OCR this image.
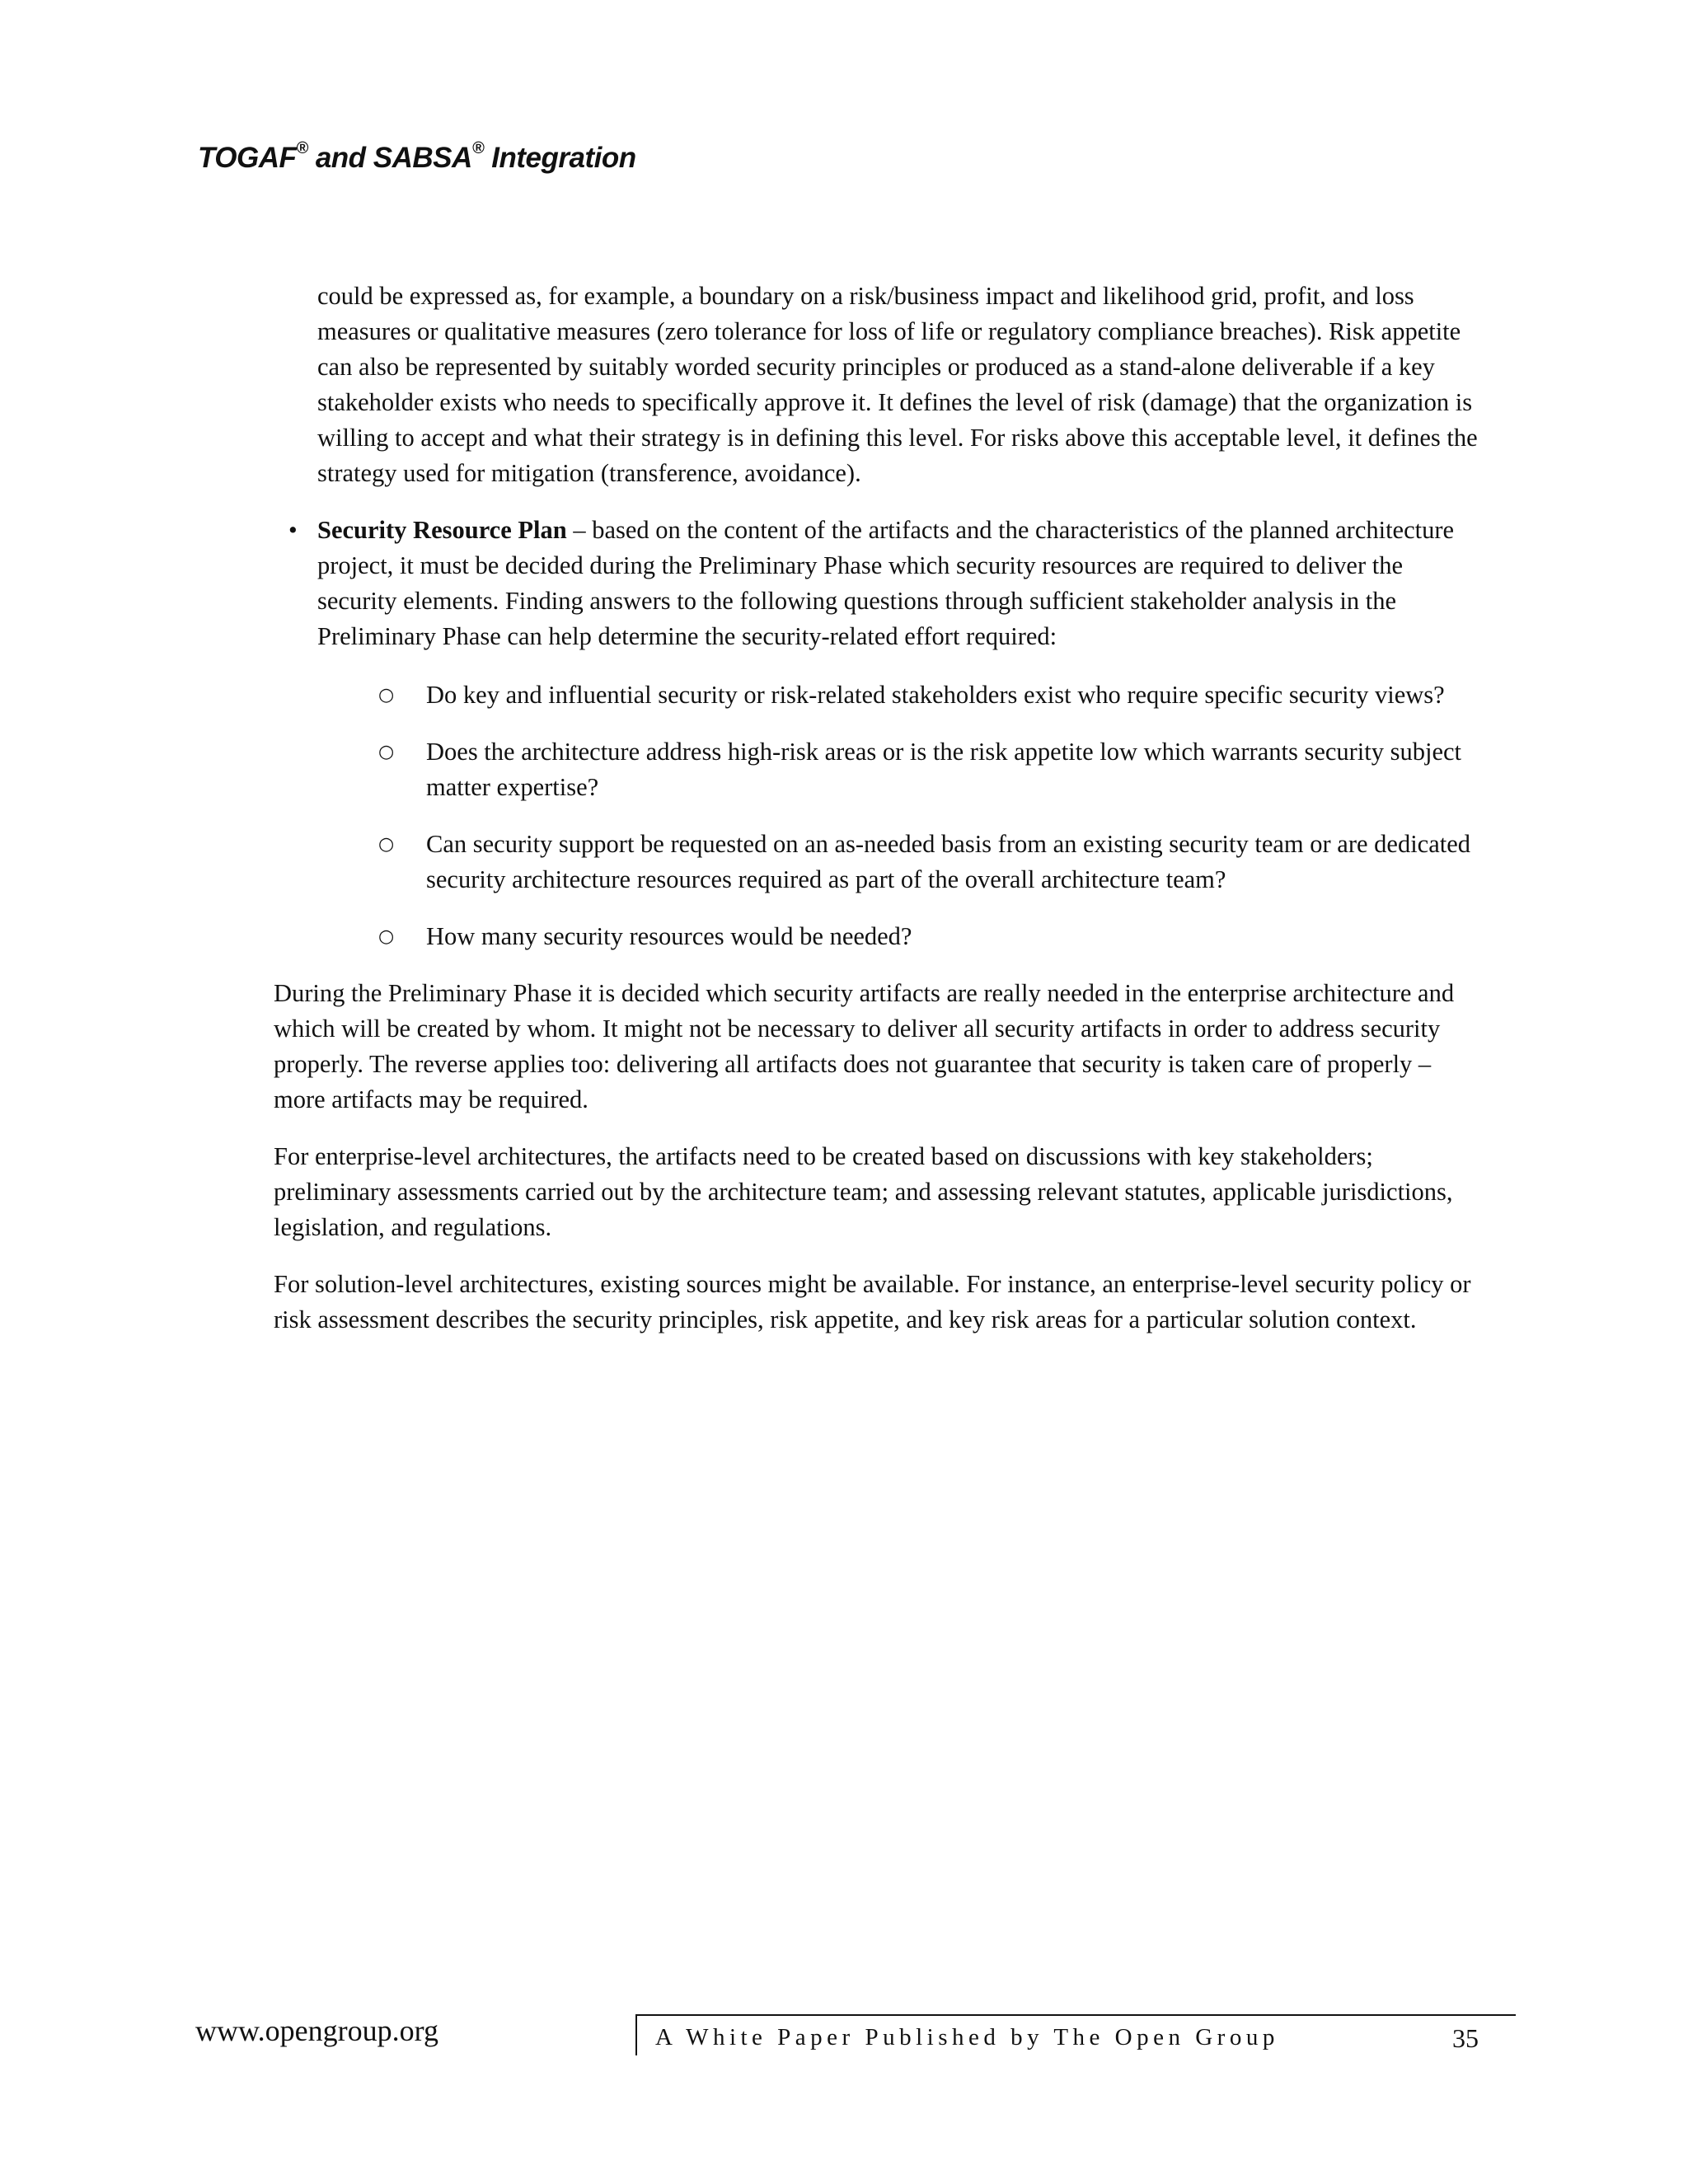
TOGAF® and SABSA® Integration

could be expressed as, for example, a boundary on a risk/business impact and likelihood grid, profit, and loss measures or qualitative measures (zero tolerance for loss of life or regulatory compliance breaches). Risk appetite can also be represented by suitably worded security principles or produced as a stand-alone deliverable if a key stakeholder exists who needs to specifically approve it. It defines the level of risk (damage) that the organization is willing to accept and what their strategy is in defining this level. For risks above this acceptable level, it defines the strategy used for mitigation (transference, avoidance).

• Security Resource Plan – based on the content of the artifacts and the characteristics of the planned architecture project, it must be decided during the Preliminary Phase which security resources are required to deliver the security elements. Finding answers to the following questions through sufficient stakeholder analysis in the Preliminary Phase can help determine the security-related effort required:
○ Do key and influential security or risk-related stakeholders exist who require specific security views?
○ Does the architecture address high-risk areas or is the risk appetite low which warrants security subject matter expertise?
○ Can security support be requested on an as-needed basis from an existing security team or are dedicated security architecture resources required as part of the overall architecture team?
○ How many security resources would be needed?

During the Preliminary Phase it is decided which security artifacts are really needed in the enterprise architecture and which will be created by whom. It might not be necessary to deliver all security artifacts in order to address security properly. The reverse applies too: delivering all artifacts does not guarantee that security is taken care of properly – more artifacts may be required.

For enterprise-level architectures, the artifacts need to be created based on discussions with key stakeholders; preliminary assessments carried out by the architecture team; and assessing relevant statutes, applicable jurisdictions, legislation, and regulations.

For solution-level architectures, existing sources might be available. For instance, an enterprise-level security policy or risk assessment describes the security principles, risk appetite, and key risk areas for a particular solution context.

www.opengroup.org	A White Paper Published by The Open Group	35
